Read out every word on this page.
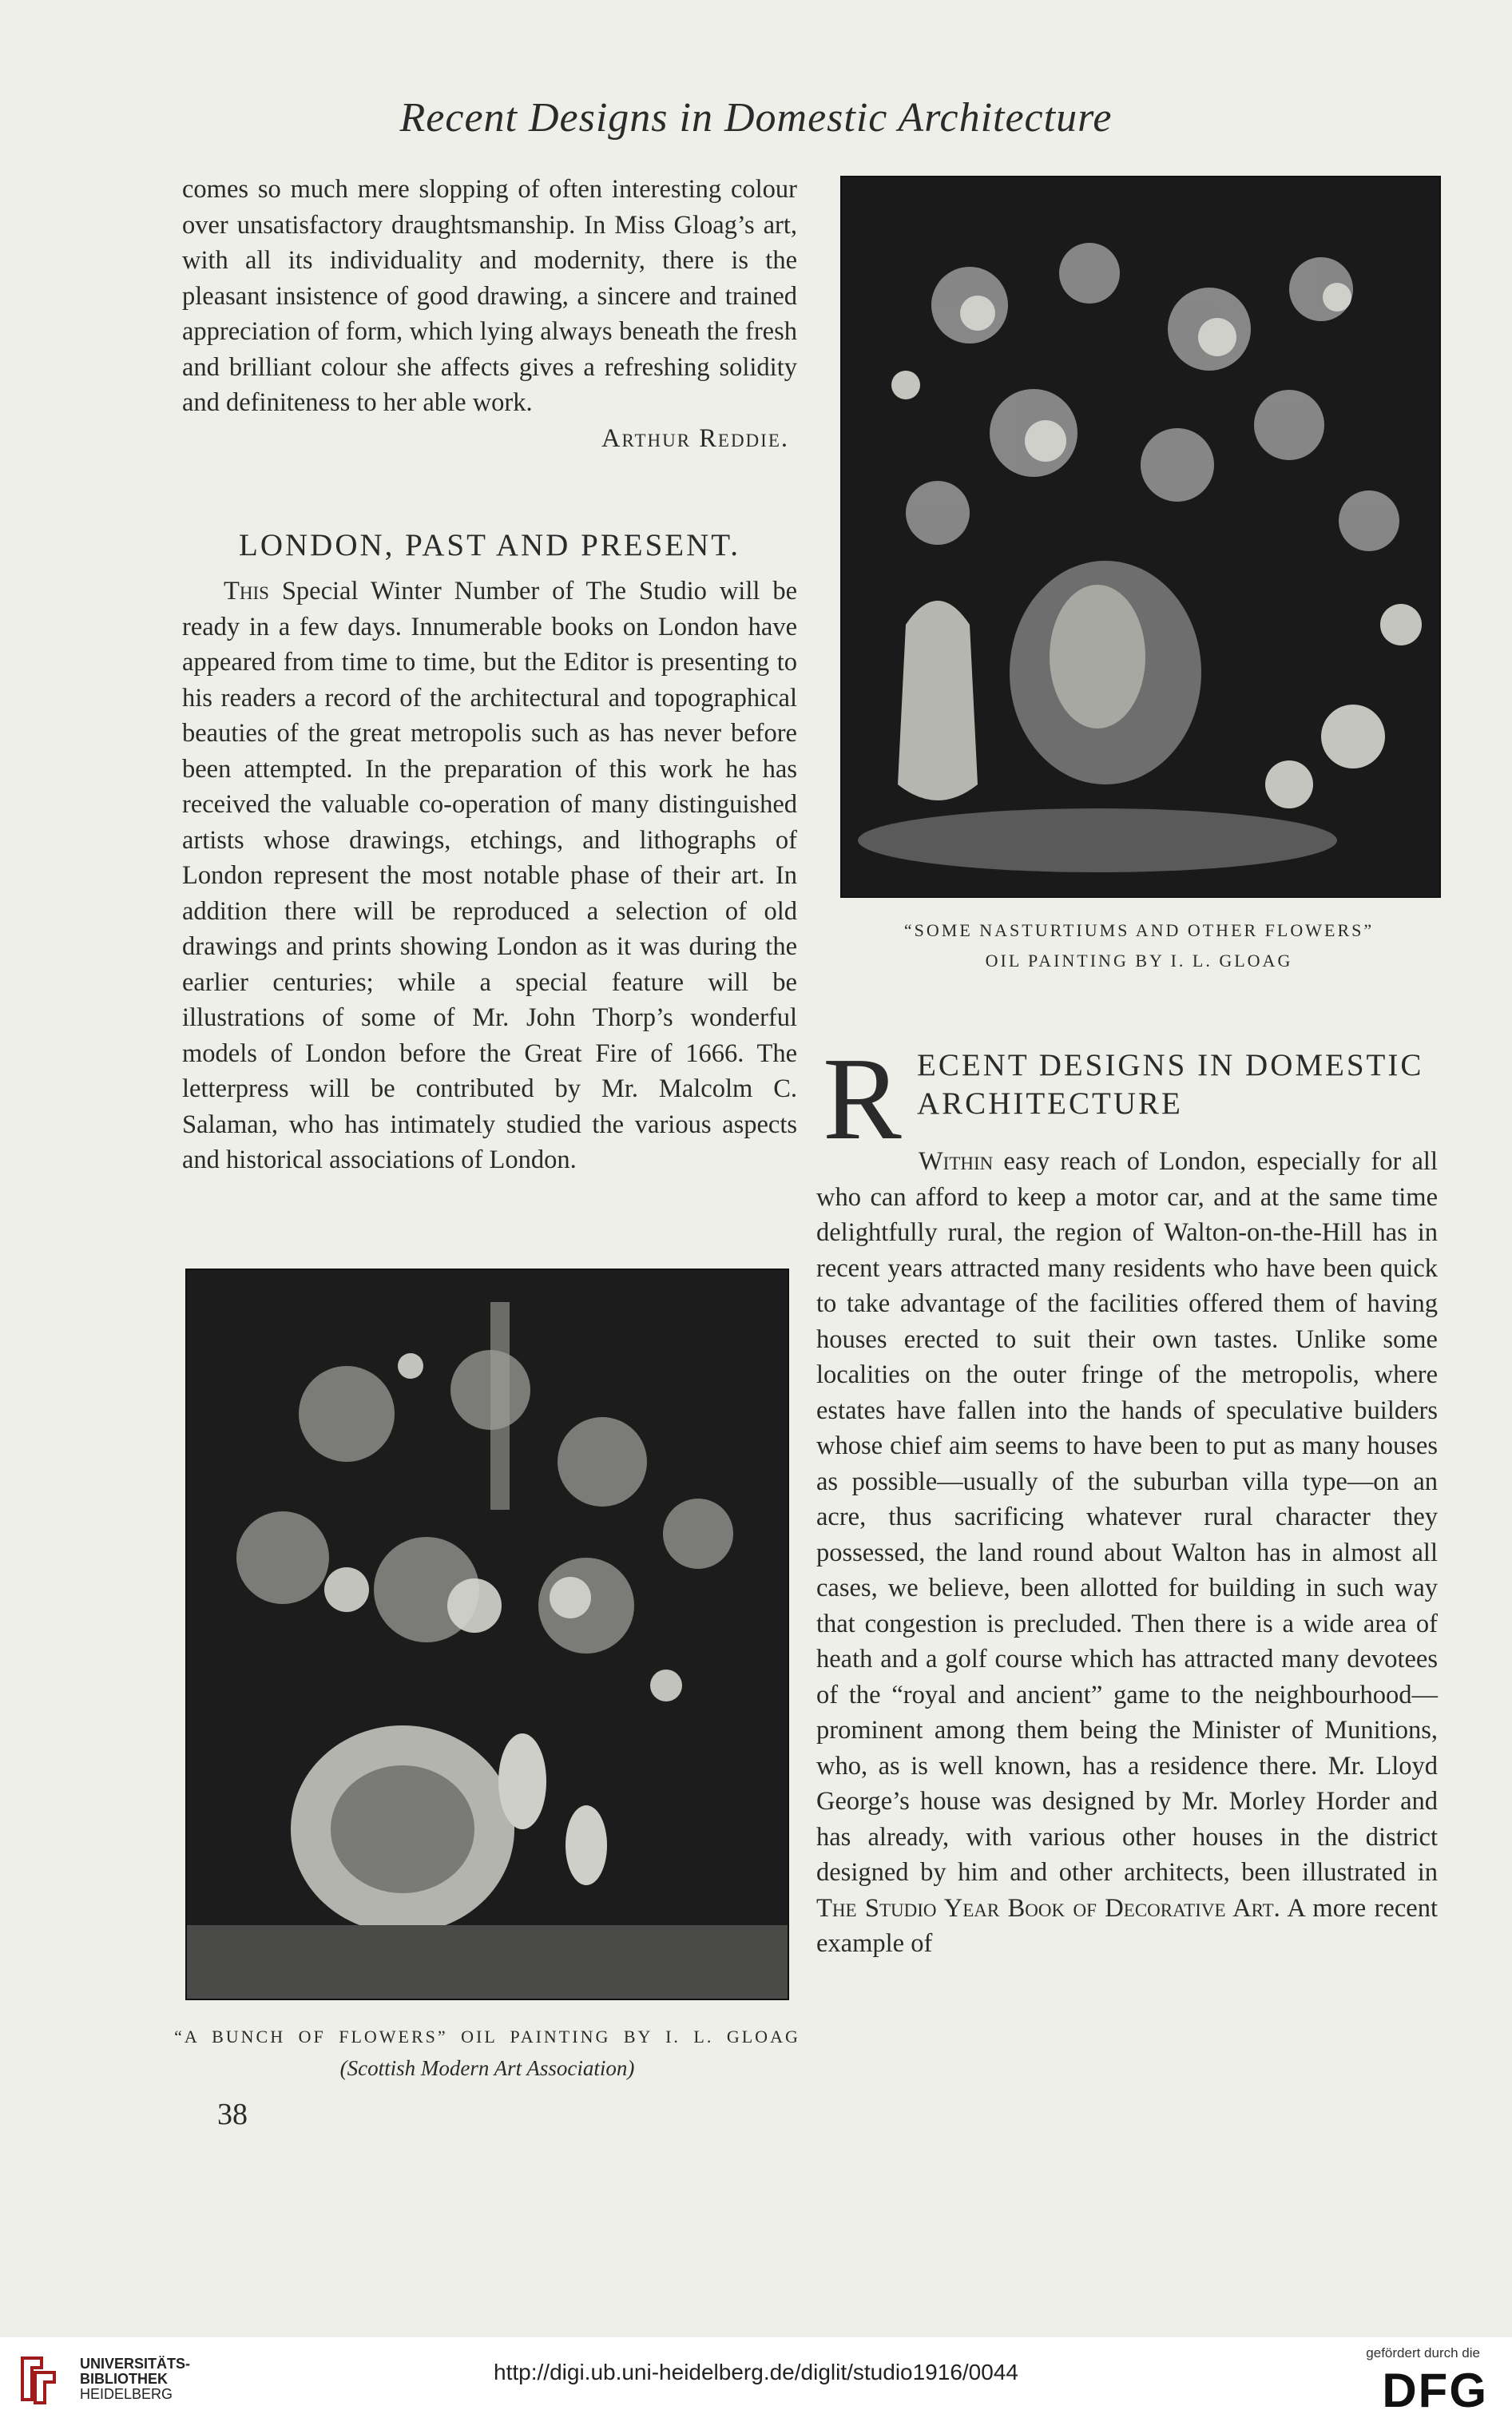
Recent Designs in Domestic Architecture

comes so much mere slopping of often interesting colour over unsatisfactory draughtsmanship. In Miss Gloag’s art, with all its individuality and modernity, there is the pleasant insistence of good drawing, a sincere and trained appreciation of form, which lying always beneath the fresh and brilliant colour she affects gives a refreshing solidity and definiteness to her able work.

Arthur Reddie.

LONDON, PAST AND PRESENT.

This Special Winter Number of The Studio will be ready in a few days. Innumerable books on London have appeared from time to time, but the Editor is presenting to his readers a record of the architectural and topographical beauties of the great metropolis such as has never before been attempted. In the preparation of this work he has received the valuable co-operation of many distinguished artists whose drawings, etchings, and lithographs of London represent the most notable phase of their art. In addition there will be reproduced a selection of old drawings and prints showing London as it was during the earlier centuries; while a special feature will be illustrations of some of Mr. John Thorp’s wonderful models of London before the Great Fire of 1666. The letterpress will be contributed by Mr. Malcolm C. Salaman, who has intimately studied the various aspects and historical associations of London.

“SOME NASTURTIUMS AND OTHER FLOWERS”
OIL PAINTING BY I. L. GLOAG
“A BUNCH OF FLOWERS” OIL PAINTING BY I. L. GLOAG
(Scottish Modern Art Association)
38
R ECENT DESIGNS IN DOMESTIC ARCHITECTURE

Within easy reach of London, especially for all who can afford to keep a motor car, and at the same time delightfully rural, the region of Walton-on-the-Hill has in recent years attracted many residents who have been quick to take advantage of the facilities offered them of having houses erected to suit their own tastes. Unlike some localities on the outer fringe of the metropolis, where estates have fallen into the hands of speculative builders whose chief aim seems to have been to put as many houses as possible—usually of the suburban villa type—on an acre, thus sacrificing whatever rural character they possessed, the land round about Walton has in almost all cases, we believe, been allotted for building in such way that congestion is precluded. Then there is a wide area of heath and a golf course which has attracted many devotees of the “royal and ancient” game to the neighbourhood—prominent among them being the Minister of Munitions, who, as is well known, has a residence there. Mr. Lloyd George’s house was designed by Mr. Morley Horder and has already, with various other houses in the district designed by him and other architects, been illustrated in The Studio Year Book of Decorative Art. A more recent example of

UNIVERSITÄTS-
BIBLIOTHEK
HEIDELBERG
http://digi.ub.uni-heidelberg.de/diglit/studio1916/0044
gefördert durch die
DFG
